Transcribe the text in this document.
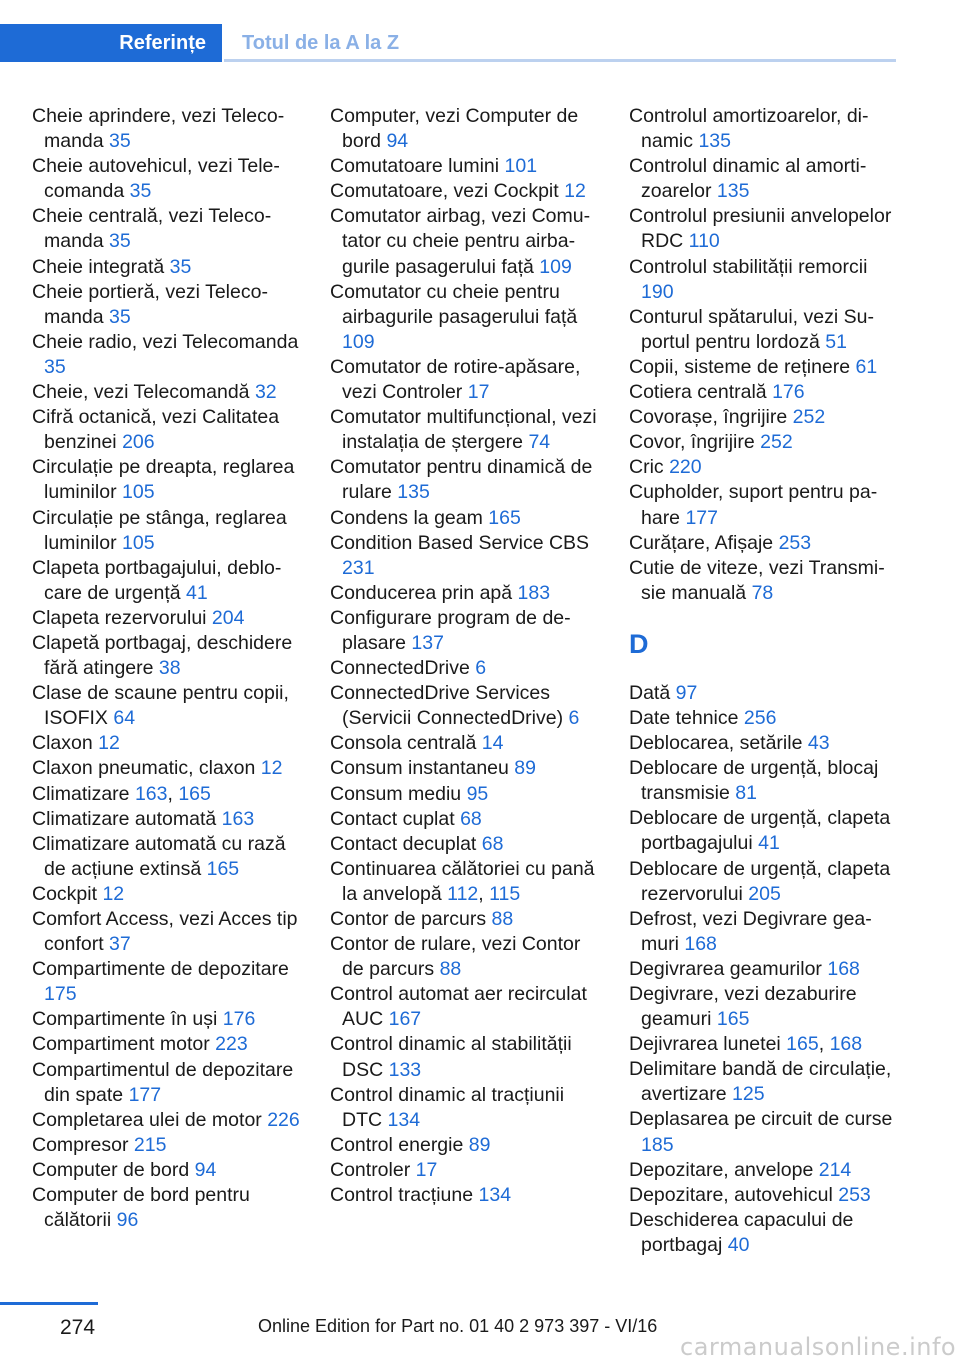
Referințe	Totul de la A la Z
Cheie aprindere, vezi Telecomanda 35
Cheie autovehicul, vezi Telecomanda 35
Cheie centrală, vezi Telecomanda 35
Cheie integrată 35
Cheie portieră, vezi Telecomanda 35
Cheie radio, vezi Telecomanda 35
Cheie, vezi Telecomandă 32
Cifră octanică, vezi Calitatea benzinei 206
Circulație pe dreapta, reglarea luminilor 105
Circulație pe stânga, reglarea luminilor 105
Clapeta portbagajului, deblocare de urgență 41
Clapeta rezervorului 204
Clapetă portbagaj, deschidere fără atingere 38
Clase de scaune pentru copii, ISOFIX 64
Claxon 12
Claxon pneumatic, claxon 12
Climatizare 163, 165
Climatizare automată 163
Climatizare automată cu rază de acțiune extinsă 165
Cockpit 12
Comfort Access, vezi Acces tip confort 37
Compartimente de depozitare 175
Compartimente în uși 176
Compartiment motor 223
Compartimentul de depozitare din spate 177
Completarea ulei de motor 226
Compresor 215
Computer de bord 94
Computer de bord pentru călătorii 96
Computer, vezi Computer de bord 94
Comutatoare lumini 101
Comutatoare, vezi Cockpit 12
Comutator airbag, vezi Comutator cu cheie pentru airbagurile pasagerului față 109
Comutator cu cheie pentru airbagurile pasagerului față 109
Comutator de rotire-apăsare, vezi Controler 17
Comutator multifuncțional, vezi instalația de ștergere 74
Comutator pentru dinamică de rulare 135
Condens la geam 165
Condition Based Service CBS 231
Conducerea prin apă 183
Configurare program de deplasare 137
ConnectedDrive 6
ConnectedDrive Services (Servicii ConnectedDrive) 6
Consola centrală 14
Consum instantaneu 89
Consum mediu 95
Contact cuplat 68
Contact decuplat 68
Continuarea călătoriei cu pană la anvelopă 112, 115
Contor de parcurs 88
Contor de rulare, vezi Contor de parcurs 88
Control automat aer recirculat AUC 167
Control dinamic al stabilității DSC 133
Control dinamic al tracțiunii DTC 134
Control energie 89
Controler 17
Control tracțiune 134
Controlul amortizoarelor, dinamic 135
Controlul dinamic al amortizoarelor 135
Controlul presiunii anvelopelor RDC 110
Controlul stabilității remorcii 190
Conturul spătarului, vezi Suportul pentru lordoză 51
Copii, sisteme de reținere 61
Cotiera centrală 176
Covorașe, îngrijire 252
Covor, îngrijire 252
Cric 220
Cupholder, suport pentru pahare 177
Curățare, Afișaje 253
Cutie de viteze, vezi Transmisie manuală 78
D
Dată 97
Date tehnice 256
Deblocarea, setările 43
Deblocare de urgență, blocaj transmisie 81
Deblocare de urgență, clapeta portbagajului 41
Deblocare de urgență, clapeta rezervorului 205
Defrost, vezi Degivrare geamuri 168
Degivrarea geamurilor 168
Degivrare, vezi dezaburire geamuri 165
Dejivrarea lunetei 165, 168
Delimitare bandă de circulație, avertizare 125
Deplasarea pe circuit de curse 185
Depozitare, anvelope 214
Depozitare, autovehicul 253
Deschiderea capacului de portbagaj 40
274	Online Edition for Part no. 01 40 2 973 397 - VI/16
carmanualsonline.info
